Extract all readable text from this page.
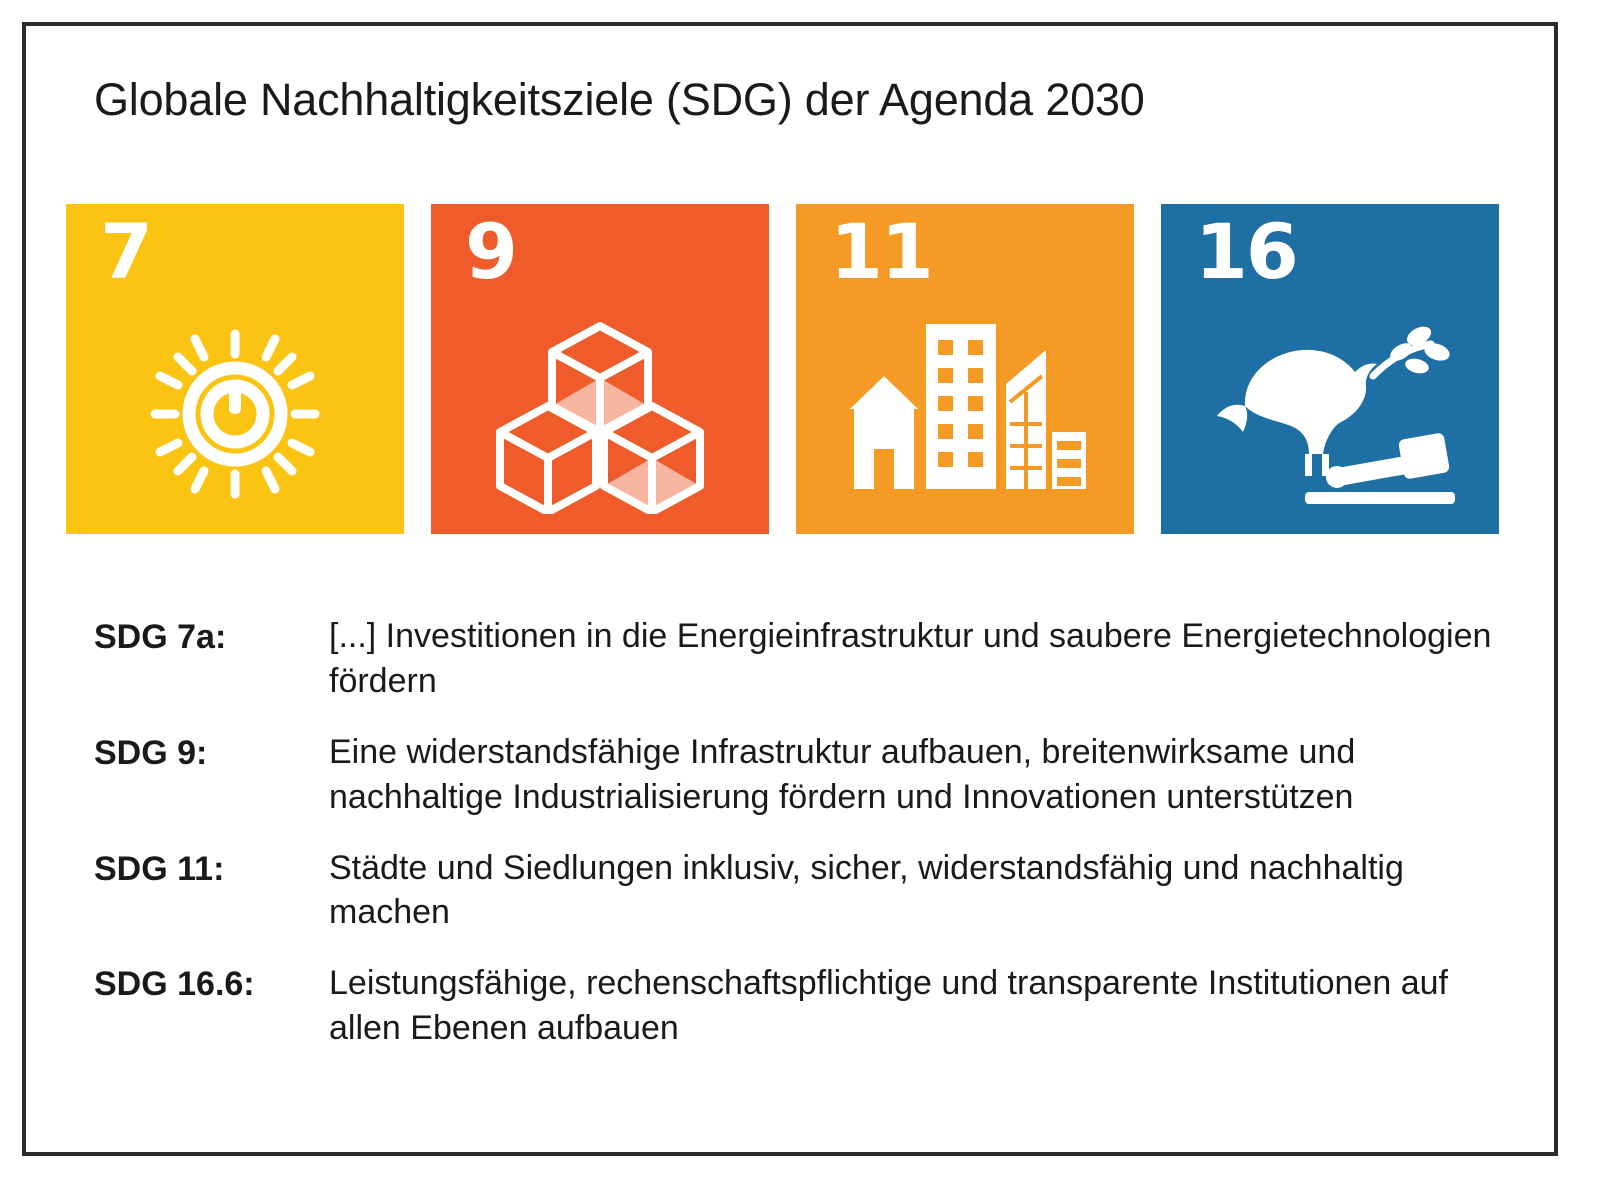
Globale Nachhaltigkeitsziele (SDG) der Agenda 2030
7	9	11	16
SDG 7a:	[...] Investitionen in die Energieinfrastruktur und saubere Energietechnologien fördern
SDG 9:	Eine widerstandsfähige Infrastruktur aufbauen, breitenwirksame und nachhaltige Industrialisierung fördern und Innovationen unterstützen
SDG 11:	Städte und Siedlungen inklusiv, sicher, widerstandsfähig und nachhaltig machen
SDG 16.6:	Leistungsfähige, rechenschaftspflichtige und transparente Institutionen auf allen Ebenen aufbauen
